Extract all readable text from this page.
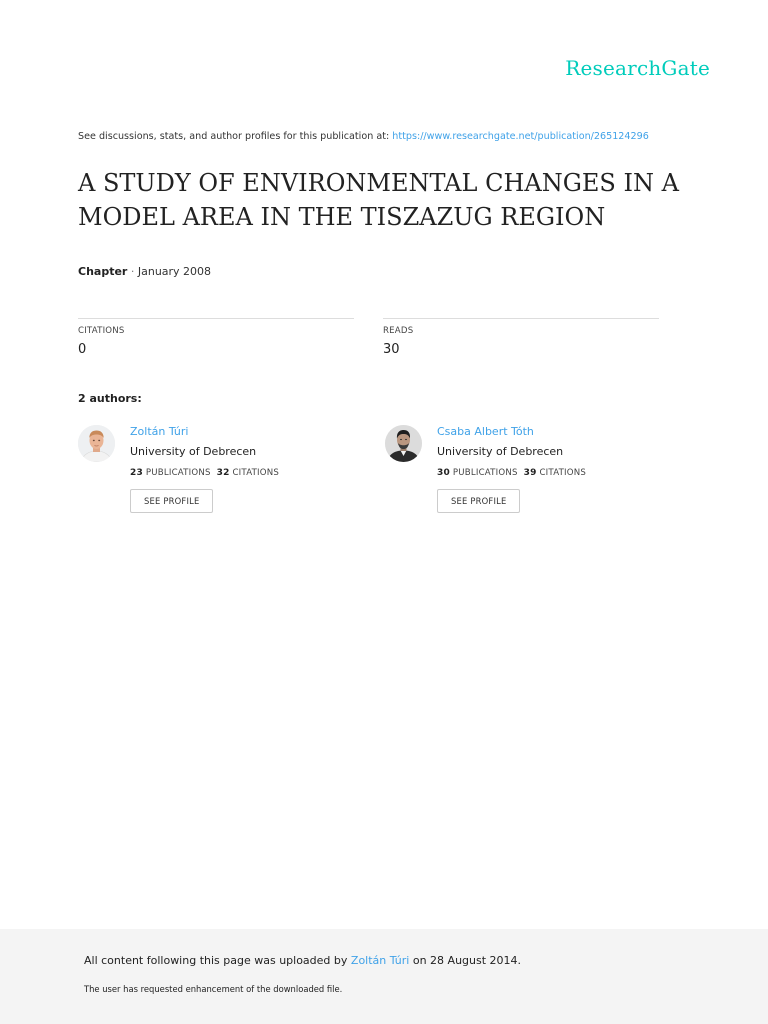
ResearchGate
See discussions, stats, and author profiles for this publication at: https://www.researchgate.net/publication/265124296
A STUDY OF ENVIRONMENTAL CHANGES IN A MODEL AREA IN THE TISZAZUG REGION
Chapter · January 2008
CITATIONS
0
READS
30
2 authors:
Zoltán Túri
University of Debrecen
23 PUBLICATIONS 32 CITATIONS
SEE PROFILE
Csaba Albert Tóth
University of Debrecen
30 PUBLICATIONS 39 CITATIONS
SEE PROFILE
All content following this page was uploaded by Zoltán Túri on 28 August 2014.
The user has requested enhancement of the downloaded file.
